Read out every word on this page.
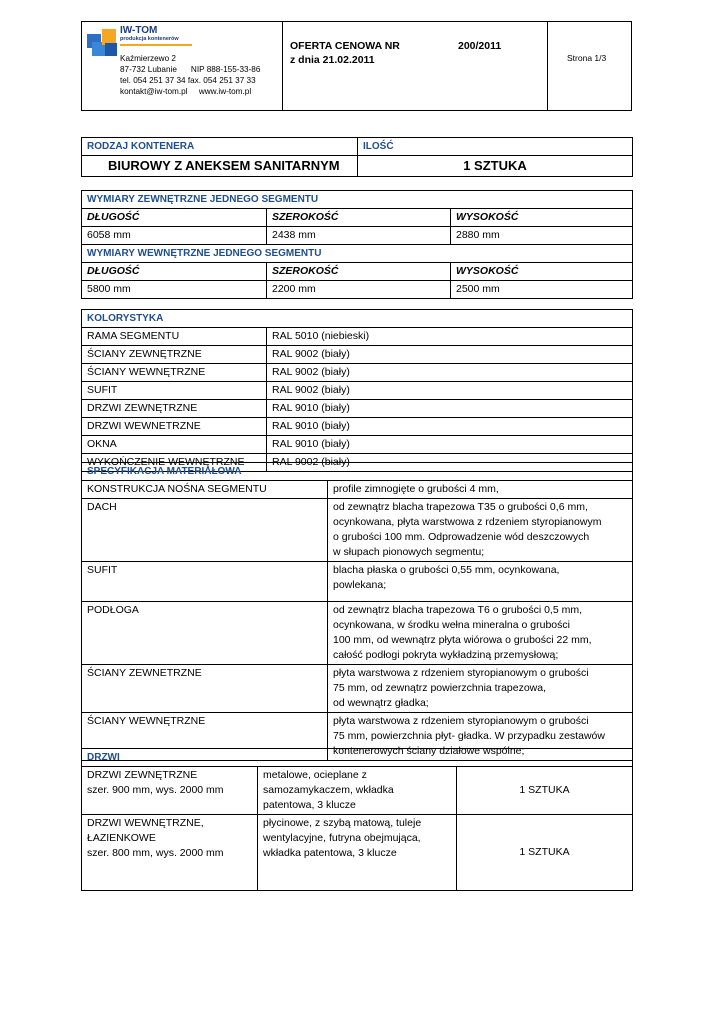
IW-TOM
produkcja kontenerów
Kaźmierzewo 2
87-732 Lubanie NIP 888-155-33-86
tel. 054 251 37 34 fax. 054 251 37 33
kontakt@iw-tom.pl     www.iw-tom.pl
OFERTA CENOWA NR	200/2011
z dnia 21.02.2011	Strona 1/3
RODZAJ KONTENERA	ILOŚĆ
BIUROWY Z ANEKSEM SANITARNYM	1 SZTUKA
WYMIARY ZEWNĘTRZNE JEDNEGO SEGMENTU		
DŁUGOŚĆ	SZEROKOŚĆ	WYSOKOŚĆ
6058 mm	2438 mm	2880 mm
WYMIARY WEWNĘTRZNE JEDNEGO SEGMENTU		
DŁUGOŚĆ	SZEROKOŚĆ	WYSOKOŚĆ
5800 mm	2200 mm	2500 mm
KOLORYSTYKA	
RAMA SEGMENTU	RAL 5010 (niebieski)
ŚCIANY ZEWNĘTRZNE	RAL 9002 (biały)
ŚCIANY WEWNĘTRZNE	RAL 9002 (biały)
SUFIT	RAL 9002 (biały)
DRZWI ZEWNĘTRZNE	RAL 9010 (biały)
DRZWI WEWNETRZNE	RAL 9010 (biały)
OKNA	RAL 9010 (biały)
WYKOŃCZENIE WEWNĘTRZNE	RAL 9002 (biały)
SPECYFIKACJA MATERIAŁOWA	
KONSTRUKCJA NOŚNA SEGMENTU	profile zimnogięte o grubości 4 mm,
DACH	od zewnątrz blacha trapezowa T35 o grubości 0,6 mm,
ocynkowana, płyta warstwowa z rdzeniem styropianowym
o grubości 100 mm. Odprowadzenie wód deszczowych
w słupach pionowych segmentu;
SUFIT	blacha płaska o grubości 0,55 mm, ocynkowana,
powlekana;
PODŁOGA	od zewnątrz blacha trapezowa T6 o grubości 0,5 mm,
ocynkowana, w środku wełna mineralna o grubości
100 mm, od wewnątrz płyta wiórowa o grubości 22 mm,
całość podłogi pokryta wykładziną przemysłową;
ŚCIANY ZEWNETRZNE	płyta warstwowa z rdzeniem styropianowym o grubości
75 mm, od zewnątrz powierzchnia trapezowa,
od wewnątrz gładka;
ŚCIANY WEWNĘTRZNE	płyta warstwowa z rdzeniem styropianowym o grubości
75 mm, powierzchnia płyt- gładka. W przypadku zestawów
kontenerowych ściany działowe wspólne;
DRZWI		
DRZWI ZEWNĘTRZNE
szer. 900 mm, wys. 2000 mm	metalowe, ocieplane z
samozamykaczem, wkładka
patentowa, 3 klucze	1 SZTUKA
DRZWI WEWNĘTRZNE,
ŁAZIENKOWE
szer. 800 mm, wys. 2000 mm	płycinowe, z szybą matową, tuleje
wentylacyjne, futryna obejmująca,
wkładka patentowa, 3 klucze	1 SZTUKA
